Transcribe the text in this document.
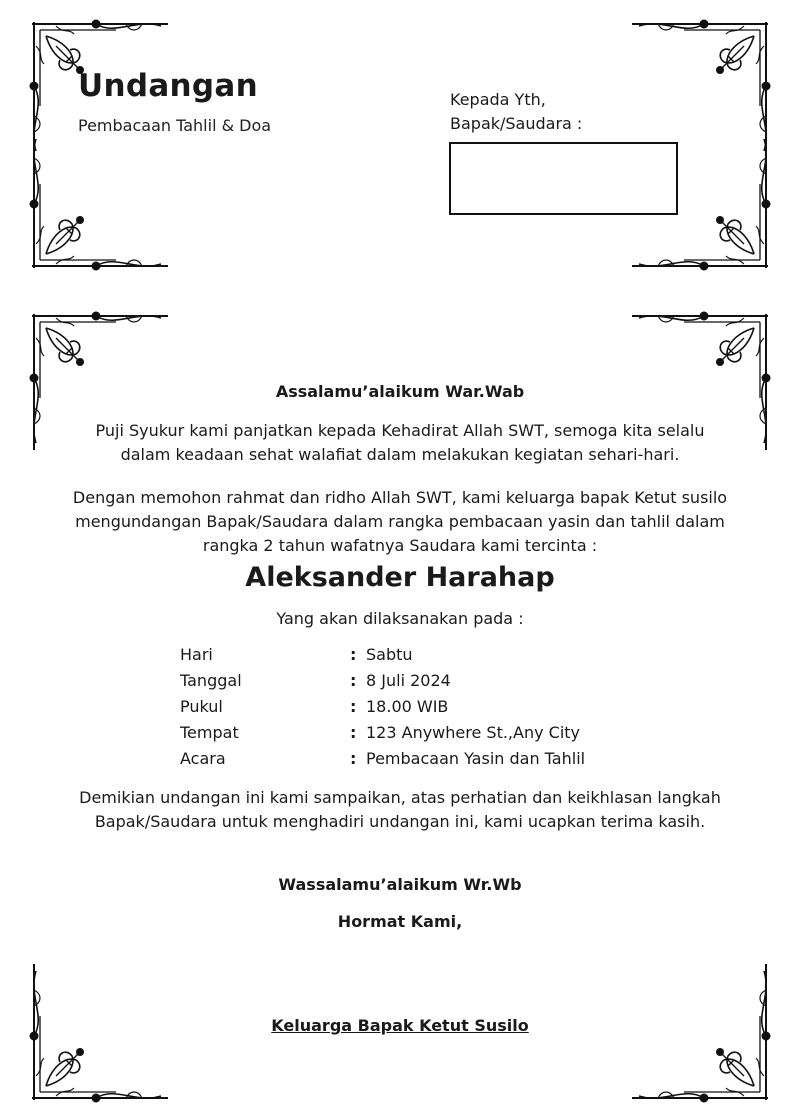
Undangan
Pembacaan Tahlil & Doa
Kepada Yth,
Bapak/Saudara :
Assalamu’alaikum War.Wab
Puji Syukur kami panjatkan kepada Kehadirat Allah SWT, semoga kita selalu dalam keadaan sehat walafiat dalam melakukan kegiatan sehari-hari.
Dengan memohon rahmat dan ridho Allah SWT, kami keluarga bapak Ketut susilo mengundangan Bapak/Saudara dalam rangka pembacaan yasin dan tahlil dalam rangka 2 tahun wafatnya Saudara kami tercinta :
Aleksander Harahap
Yang akan dilaksanakan pada :
Hari	: Sabtu
Tanggal	: 8 Juli 2024
Pukul	: 18.00 WIB
Tempat	: 123 Anywhere St.,Any City
Acara	: Pembacaan Yasin dan Tahlil
Demikian undangan ini kami sampaikan, atas perhatian dan keikhlasan langkah Bapak/Saudara untuk menghadiri undangan ini, kami ucapkan terima kasih.
Wassalamu’alaikum Wr.Wb
Hormat Kami,
Keluarga Bapak Ketut Susilo
